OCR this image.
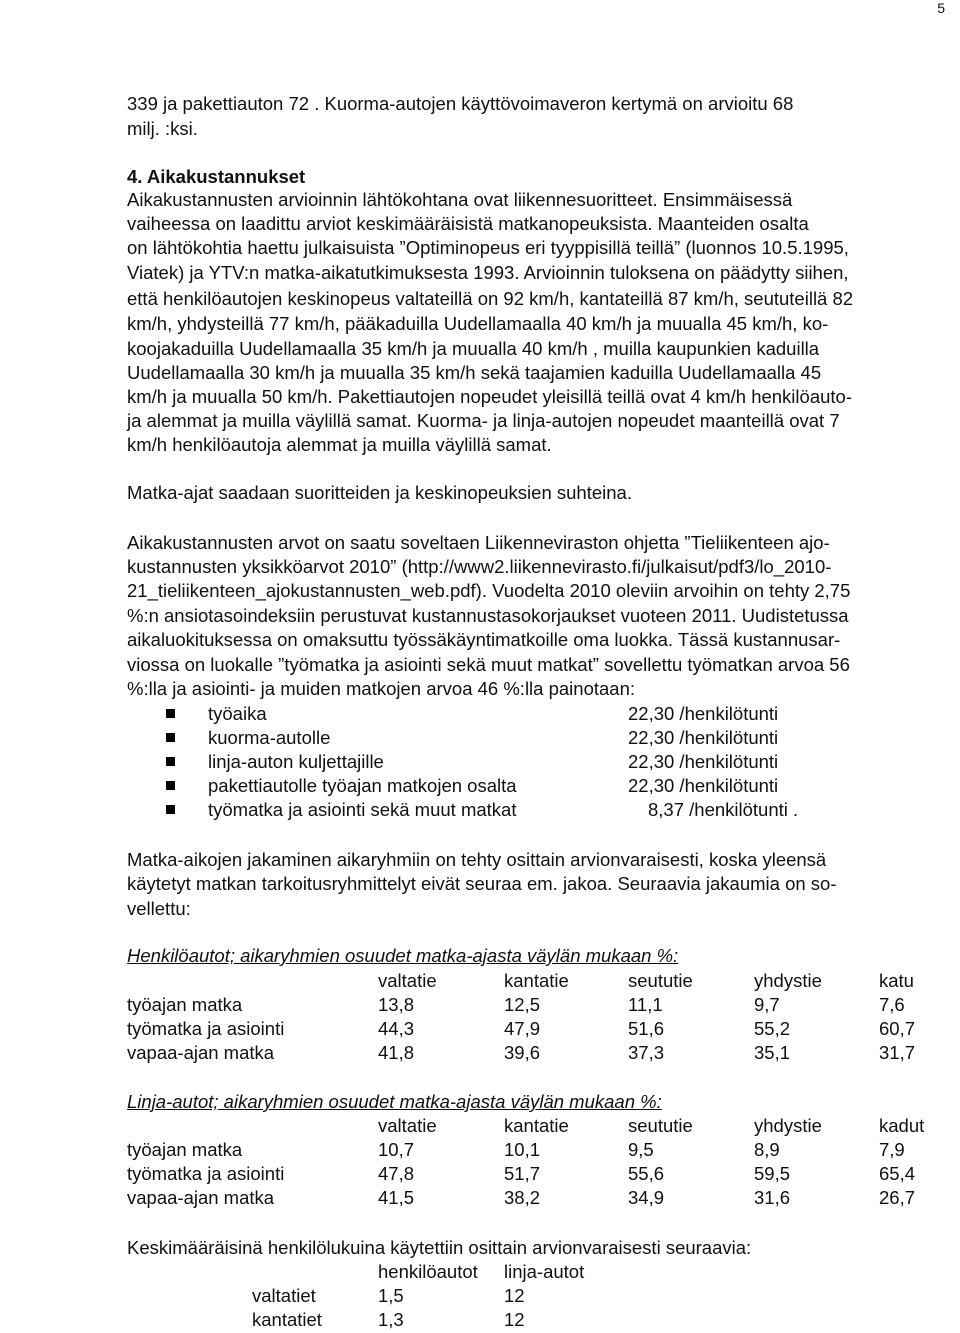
5
339 ja pakettiauton 72 . Kuorma-autojen käyttövoimaveron kertymä on arvioitu 68
milj. :ksi.
4. Aikakustannukset
Aikakustannusten arvioinnin lähtökohtana ovat liikennesuoritteet. Ensimmäisessä
vaiheessa on laadittu arviot keskimääräisistä matkanopeuksista. Maanteiden osalta
on lähtökohtia haettu julkaisuista ”Optiminopeus eri tyyppisillä teillä” (luonnos 10.5.1995,
Viatek) ja YTV:n matka-aikatutkimuksesta 1993. Arvioinnin tuloksena on päädytty siihen,
että henkilöautojen keskinopeus valtateillä on 92 km/h, kantateillä 87 km/h, seututeillä 82
km/h, yhdysteillä 77 km/h, pääkaduilla Uudellamaalla 40 km/h ja muualla 45 km/h, ko-
koojakaduilla Uudellamaalla 35 km/h ja muualla 40 km/h , muilla kaupunkien kaduilla
Uudellamaalla 30 km/h ja muualla 35 km/h sekä taajamien kaduilla Uudellamaalla 45
km/h ja muualla 50 km/h. Pakettiautojen nopeudet yleisillä teillä ovat 4 km/h henkilöauto-
ja alemmat ja muilla väylillä samat. Kuorma- ja linja-autojen nopeudet maanteillä ovat 7
km/h henkilöautoja alemmat ja muilla väylillä samat.
Matka-ajat saadaan suoritteiden ja keskinopeuksien suhteina.
Aikakustannusten arvot on saatu soveltaen Liikenneviraston ohjetta ”Tieliikenteen ajo-
kustannusten yksikköarvot 2010” (http://www2.liikennevirasto.fi/julkaisut/pdf3/lo_2010-
21_tieliikenteen_ajokustannusten_web.pdf). Vuodelta 2010 oleviin arvoihin on tehty 2,75
%:n ansiotasoindeksiin perustuvat kustannustasokorjaukset vuoteen 2011. Uudistetussa
aikaluokituksessa on omaksuttu työssäkäyntimatkoille oma luokka. Tässä kustannusar-
viossa on luokalle ”työmatka ja asiointi sekä muut matkat” sovellettu työmatkan arvoa 56
%:lla ja asiointi- ja muiden matkojen arvoa 46 %:lla painotaan:
työaika	22,30 /henkilötunti
kuorma-autolle	22,30 /henkilötunti
linja-auton kuljettajille	22,30 /henkilötunti
pakettiautolle työajan matkojen osalta	22,30 /henkilötunti
työmatka ja asiointi sekä muut matkat	8,37 /henkilötunti .
Matka-aikojen jakaminen aikaryhmiin on tehty osittain arvionvaraisesti, koska yleensä
käytetyt matkan tarkoitusryhmittelyt eivät seuraa em. jakoa. Seuraavia jakaumia on so-
vellettu:
Henkilöautot; aikaryhmien osuudet matka-ajasta väylän mukaan %:
valtatie	kantatie	seututie	yhdystie	katu
työajan matka	13,8	12,5	11,1	9,7	7,6
työmatka ja asiointi	44,3	47,9	51,6	55,2	60,7
vapaa-ajan matka	41,8	39,6	37,3	35,1	31,7
Linja-autot; aikaryhmien osuudet matka-ajasta väylän mukaan %:
valtatie	kantatie	seututie	yhdystie	kadut
työajan matka	10,7	10,1	9,5	8,9	7,9
työmatka ja asiointi	47,8	51,7	55,6	59,5	65,4
vapaa-ajan matka	41,5	38,2	34,9	31,6	26,7
Keskimääräisinä henkilölukuina käytettiin osittain arvionvaraisesti seuraavia:
henkilöautot linja-autot
valtatiet	1,5	12
kantatiet	1,3	12
